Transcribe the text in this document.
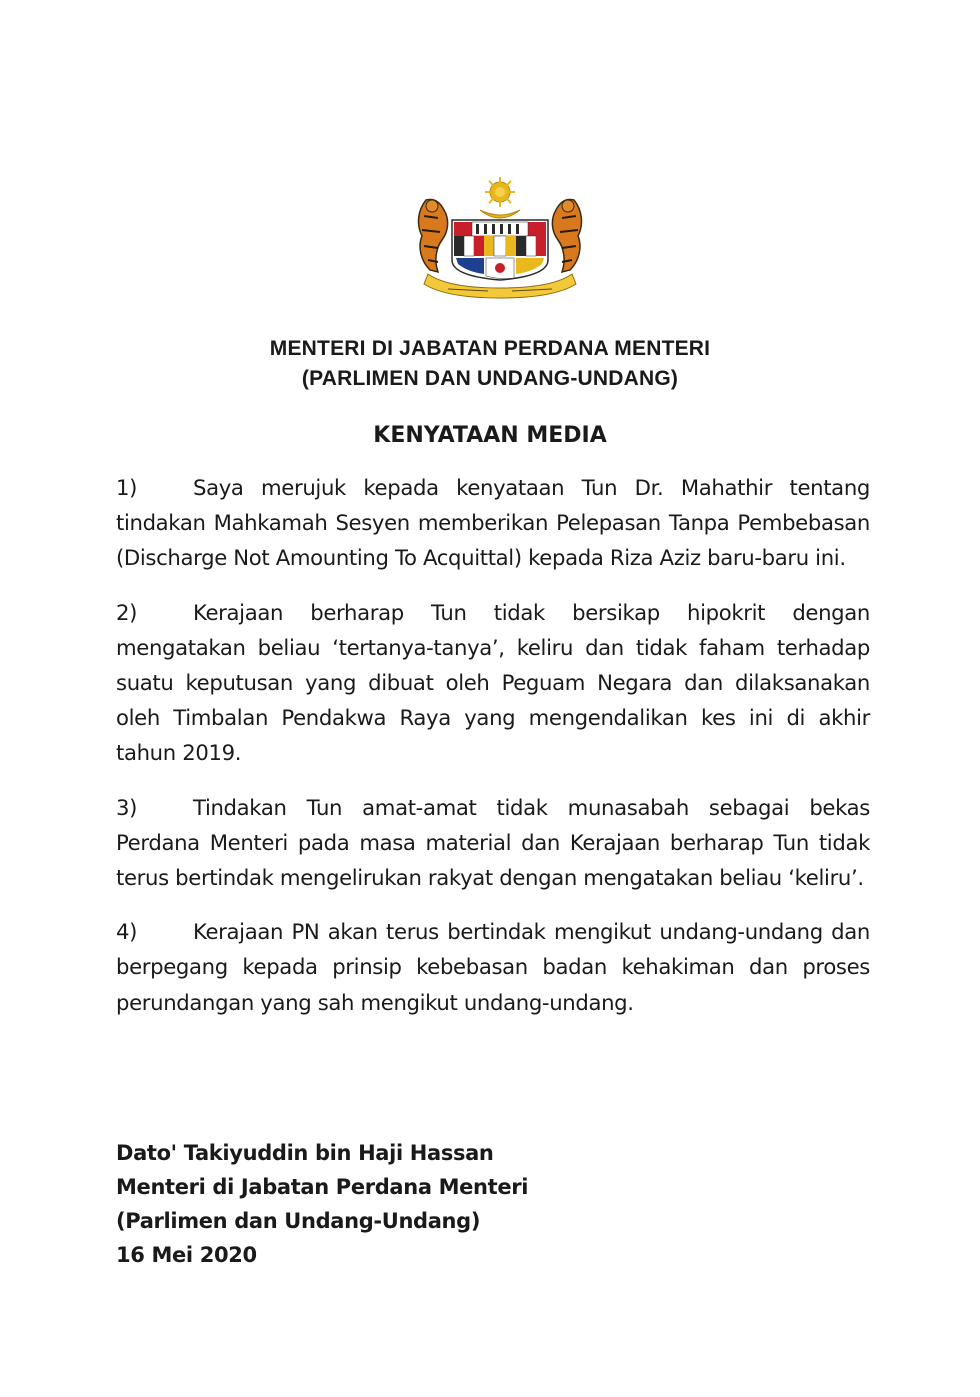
MENTERI DI JABATAN PERDANA MENTERI
(PARLIMEN DAN UNDANG-UNDANG)
KENYATAAN MEDIA

1)	Saya merujuk kepada kenyataan Tun Dr. Mahathir tentang tindakan Mahkamah Sesyen memberikan Pelepasan Tanpa Pembebasan (Discharge Not Amounting To Acquittal) kepada Riza Aziz baru-baru ini.

2)	Kerajaan berharap Tun tidak bersikap hipokrit dengan mengatakan beliau ‘tertanya-tanya’, keliru dan tidak faham terhadap suatu keputusan yang dibuat oleh Peguam Negara dan dilaksanakan oleh Timbalan Pendakwa Raya yang mengendalikan kes ini di akhir tahun 2019.

3)	Tindakan Tun amat-amat tidak munasabah sebagai bekas Perdana Menteri pada masa material dan Kerajaan berharap Tun tidak terus bertindak mengelirukan rakyat dengan mengatakan beliau ‘keliru’.

4)	Kerajaan PN akan terus bertindak mengikut undang-undang dan berpegang kepada prinsip kebebasan badan kehakiman dan proses perundangan yang sah mengikut undang-undang.

Dato' Takiyuddin bin Haji Hassan
Menteri di Jabatan Perdana Menteri
(Parlimen dan Undang-Undang)
16 Mei 2020
